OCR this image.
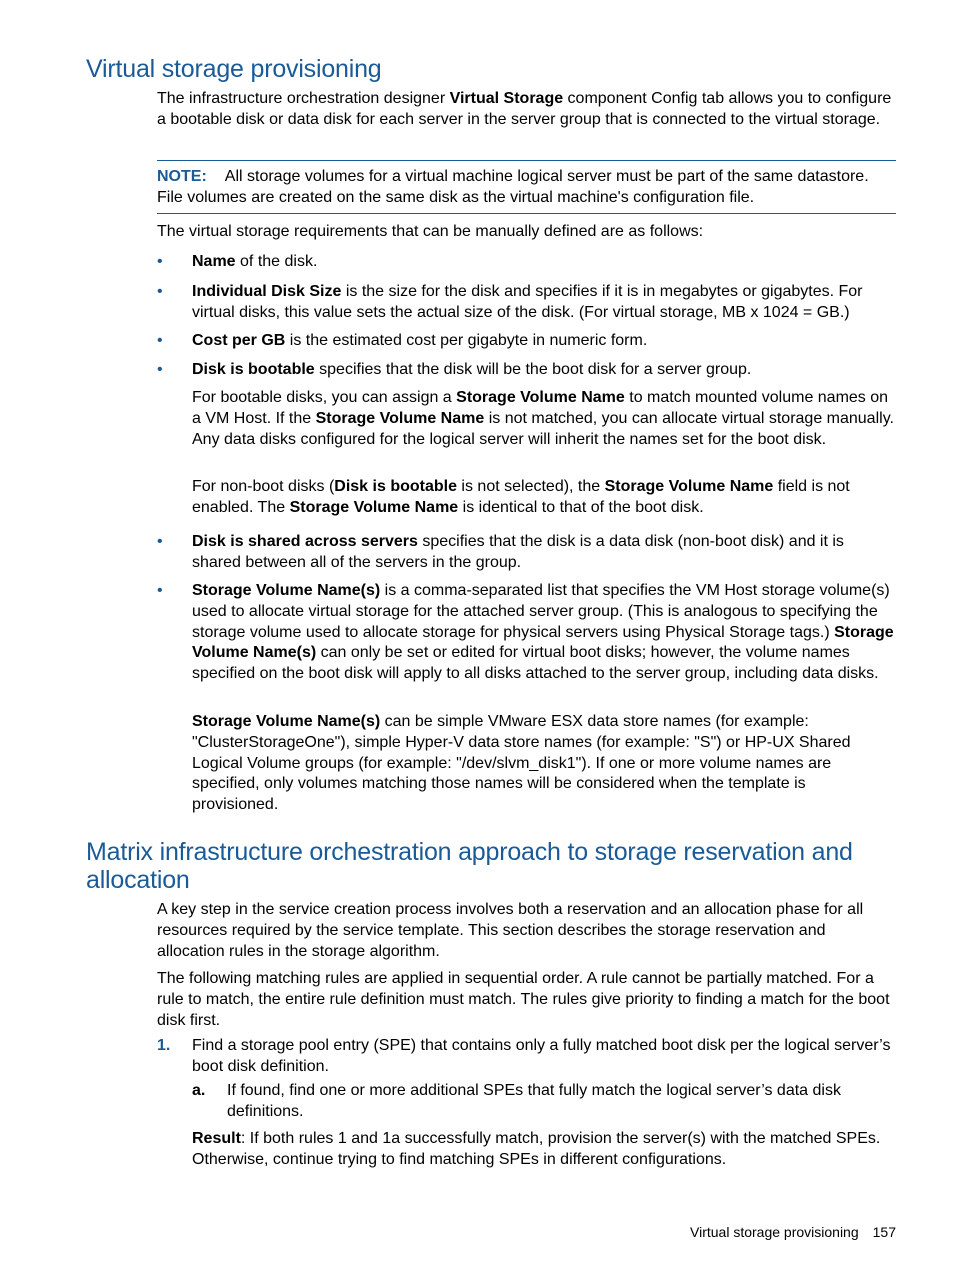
Virtual storage provisioning

The infrastructure orchestration designer Virtual Storage component Config tab allows you to configure a bootable disk or data disk for each server in the server group that is connected to the virtual storage.

NOTE: All storage volumes for a virtual machine logical server must be part of the same datastore. File volumes are created on the same disk as the virtual machine's configuration file.

The virtual storage requirements that can be manually defined are as follows:

• Name of the disk.
• Individual Disk Size is the size for the disk and specifies if it is in megabytes or gigabytes. For virtual disks, this value sets the actual size of the disk. (For virtual storage, MB x 1024 = GB.)
• Cost per GB is the estimated cost per gigabyte in numeric form.
• Disk is bootable specifies that the disk will be the boot disk for a server group.
For bootable disks, you can assign a Storage Volume Name to match mounted volume names on a VM Host. If the Storage Volume Name is not matched, you can allocate virtual storage manually. Any data disks configured for the logical server will inherit the names set for the boot disk.
For non-boot disks (Disk is bootable is not selected), the Storage Volume Name field is not enabled. The Storage Volume Name is identical to that of the boot disk.
• Disk is shared across servers specifies that the disk is a data disk (non-boot disk) and it is shared between all of the servers in the group.
• Storage Volume Name(s) is a comma-separated list that specifies the VM Host storage volume(s) used to allocate virtual storage for the attached server group. (This is analogous to specifying the storage volume used to allocate storage for physical servers using Physical Storage tags.) Storage Volume Name(s) can only be set or edited for virtual boot disks; however, the volume names specified on the boot disk will apply to all disks attached to the server group, including data disks.
Storage Volume Name(s) can be simple VMware ESX data store names (for example: "ClusterStorageOne"), simple Hyper-V data store names (for example: "S") or HP-UX Shared Logical Volume groups (for example: "/dev/slvm_disk1"). If one or more volume names are specified, only volumes matching those names will be considered when the template is provisioned.
Matrix infrastructure orchestration approach to storage reservation and allocation

A key step in the service creation process involves both a reservation and an allocation phase for all resources required by the service template. This section describes the storage reservation and allocation rules in the storage algorithm.

The following matching rules are applied in sequential order. A rule cannot be partially matched. For a rule to match, the entire rule definition must match. The rules give priority to finding a match for the boot disk first.

1. Find a storage pool entry (SPE) that contains only a fully matched boot disk per the logical server’s boot disk definition.
a. If found, find one or more additional SPEs that fully match the logical server’s data disk definitions.
Result: If both rules 1 and 1a successfully match, provision the server(s) with the matched SPEs. Otherwise, continue trying to find matching SPEs in different configurations.
Virtual storage provisioning 157
